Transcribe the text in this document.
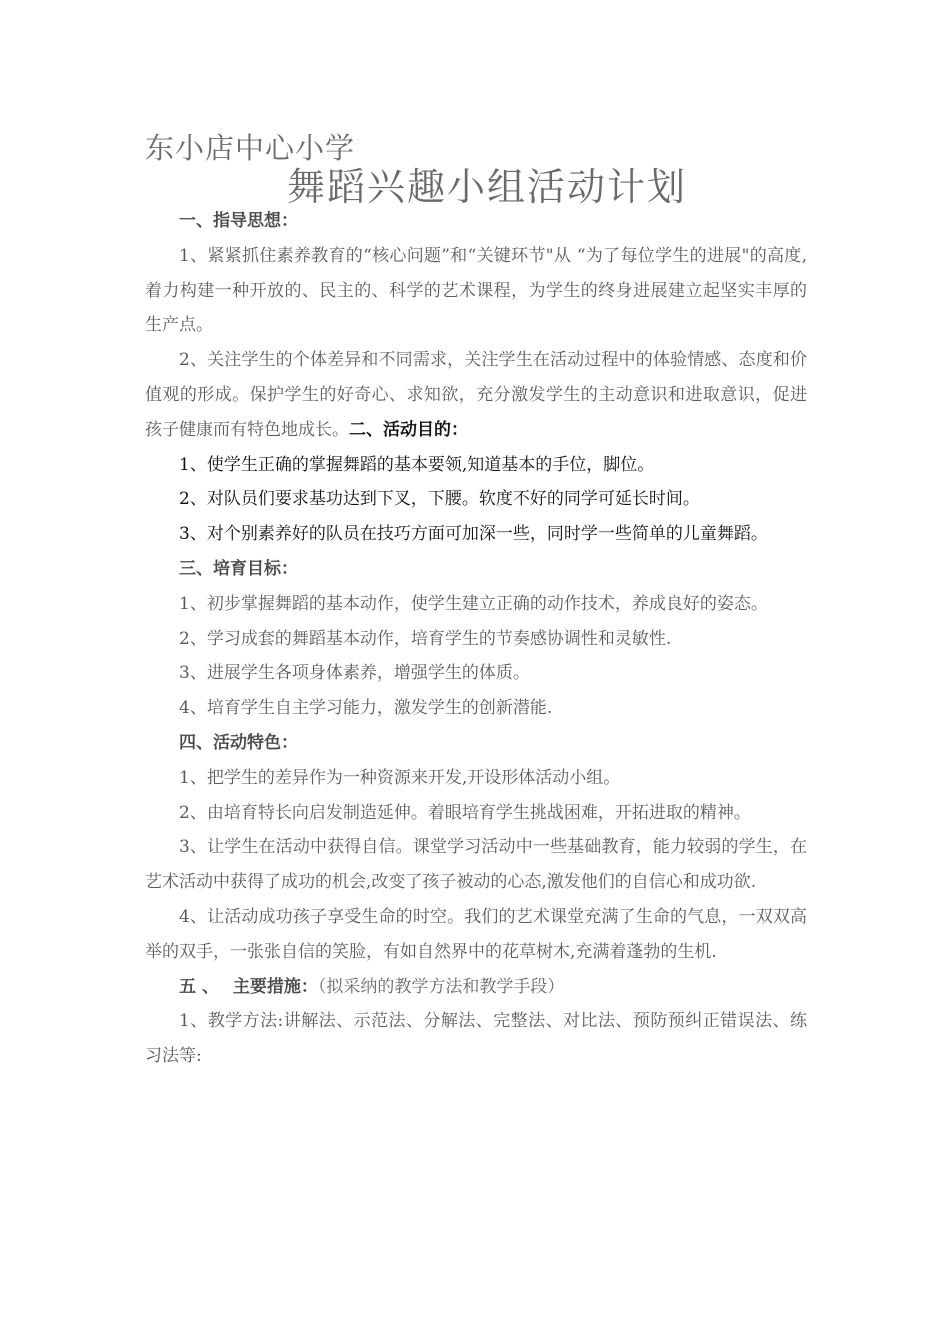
东小店中心小学
舞蹈兴趣小组活动计划

一、指导思想：

1、紧紧抓住素养教育的“核心问题”和“关键环节"从 “为了每位学生的进展"的高度,着力构建一种开放的、民主的、科学的艺术课程，为学生的终身进展建立起坚实丰厚的生产点。

2、关注学生的个体差异和不同需求，关注学生在活动过程中的体验情感、态度和价值观的形成。保护学生的好奇心、求知欲，充分激发学生的主动意识和进取意识，促进孩子健康而有特色地成长。二、活动目的：

1、使学生正确的掌握舞蹈的基本要领,知道基本的手位，脚位。

2、对队员们要求基功达到下叉，下腰。软度不好的同学可延长时间。

3、对个别素养好的队员在技巧方面可加深一些，同时学一些简单的儿童舞蹈。

三、培育目标：

1、初步掌握舞蹈的基本动作，使学生建立正确的动作技术，养成良好的姿态。

2、学习成套的舞蹈基本动作，培育学生的节奏感协调性和灵敏性.

3、进展学生各项身体素养，增强学生的体质。

4、培育学生自主学习能力，激发学生的创新潜能.

四、活动特色：

1、把学生的差异作为一种资源来开发,开设形体活动小组。

2、由培育特长向启发制造延伸。着眼培育学生挑战困难，开拓进取的精神。

3、让学生在活动中获得自信。课堂学习活动中一些基础教育，能力较弱的学生，在艺术活动中获得了成功的机会,改变了孩子被动的心态,激发他们的自信心和成功欲.

4、让活动成功孩子享受生命的时空。我们的艺术课堂充满了生命的气息，一双双高举的双手，一张张自信的笑脸，有如自然界中的花草树木,充满着蓬勃的生机.

五 、 主要措施：（拟采纳的教学方法和教学手段）

1、教学方法:讲解法、示范法、分解法、完整法、对比法、预防预纠正错误法、练习法等:
